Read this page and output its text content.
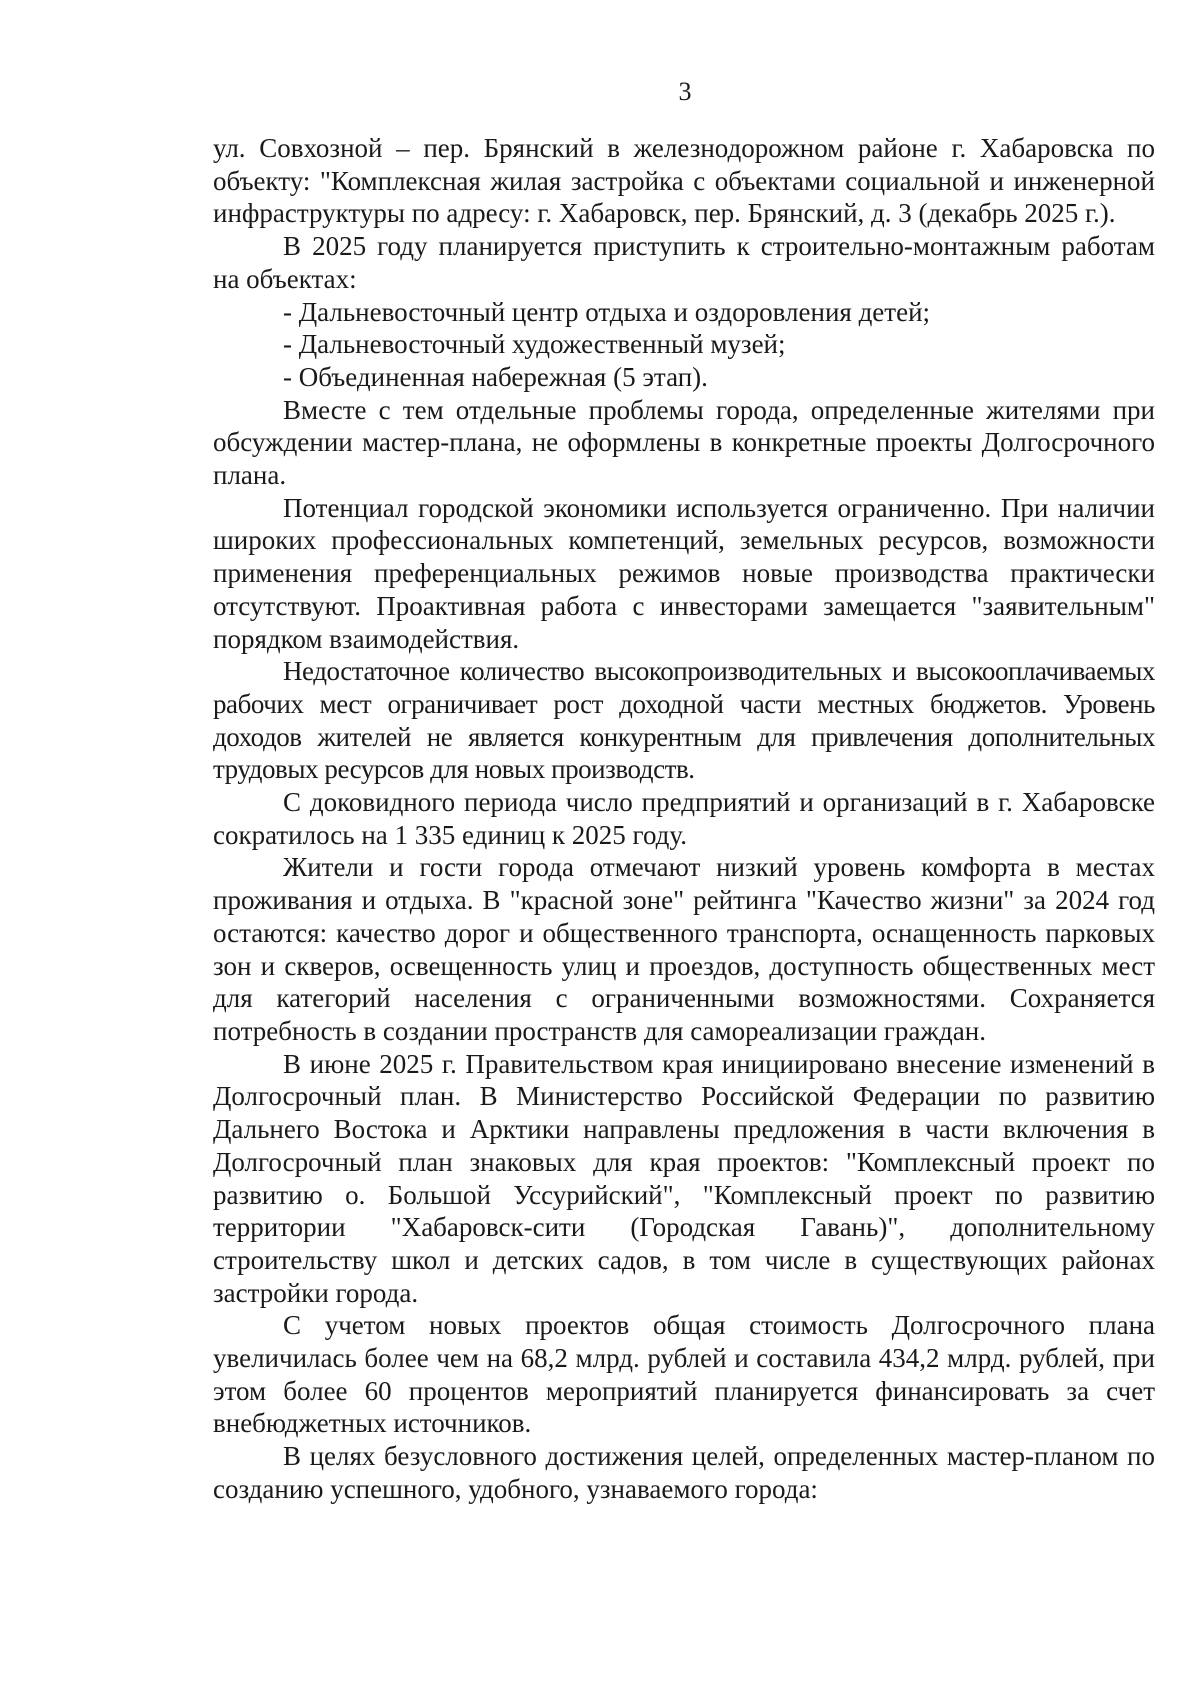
3

ул. Совхозной – пер. Брянский в железнодорожном районе г. Хабаровска по объекту: "Комплексная жилая застройка с объектами социальной и инженерной инфраструктуры по адресу: г. Хабаровск, пер. Брянский, д. 3 (декабрь 2025 г.).

В 2025 году планируется приступить к строительно-монтажным работам на объектах:

- Дальневосточный центр отдыха и оздоровления детей;

- Дальневосточный художественный музей;

- Объединенная набережная (5 этап).

Вместе с тем отдельные проблемы города, определенные жителями при обсуждении мастер-плана, не оформлены в конкретные проекты Долгосрочного плана.

Потенциал городской экономики используется ограниченно. При наличии широких профессиональных компетенций, земельных ресурсов, возможности применения преференциальных режимов новые производства практически отсутствуют. Проактивная работа с инвесторами замещается "заявительным" порядком взаимодействия.

Недостаточное количество высокопроизводительных и высокооплачиваемых рабочих мест ограничивает рост доходной части местных бюджетов. Уровень доходов жителей не является конкурентным для привлечения дополнительных трудовых ресурсов для новых производств.

С доковидного периода число предприятий и организаций в г. Хабаровске сократилось на 1 335 единиц к 2025 году.

Жители и гости города отмечают низкий уровень комфорта в местах проживания и отдыха. В "красной зоне" рейтинга "Качество жизни" за 2024 год остаются: качество дорог и общественного транспорта, оснащенность парковых зон и скверов, освещенность улиц и проездов, доступность общественных мест для категорий населения с ограниченными возможностями. Сохраняется потребность в создании пространств для самореализации граждан.

В июне 2025 г. Правительством края инициировано внесение изменений в Долгосрочный план. В Министерство Российской Федерации по развитию Дальнего Востока и Арктики направлены предложения в части включения в Долгосрочный план знаковых для края проектов: "Комплексный проект по развитию о. Большой Уссурийский", "Комплексный проект по развитию территории "Хабаровск-сити (Городская Гавань)", дополнительному строительству школ и детских садов, в том числе в существующих районах застройки города.

С учетом новых проектов общая стоимость Долгосрочного плана увеличилась более чем на 68,2 млрд. рублей и составила 434,2 млрд. рублей, при этом более 60 процентов мероприятий планируется финансировать за счет внебюджетных источников.

В целях безусловного достижения целей, определенных мастер-планом по созданию успешного, удобного, узнаваемого города:
